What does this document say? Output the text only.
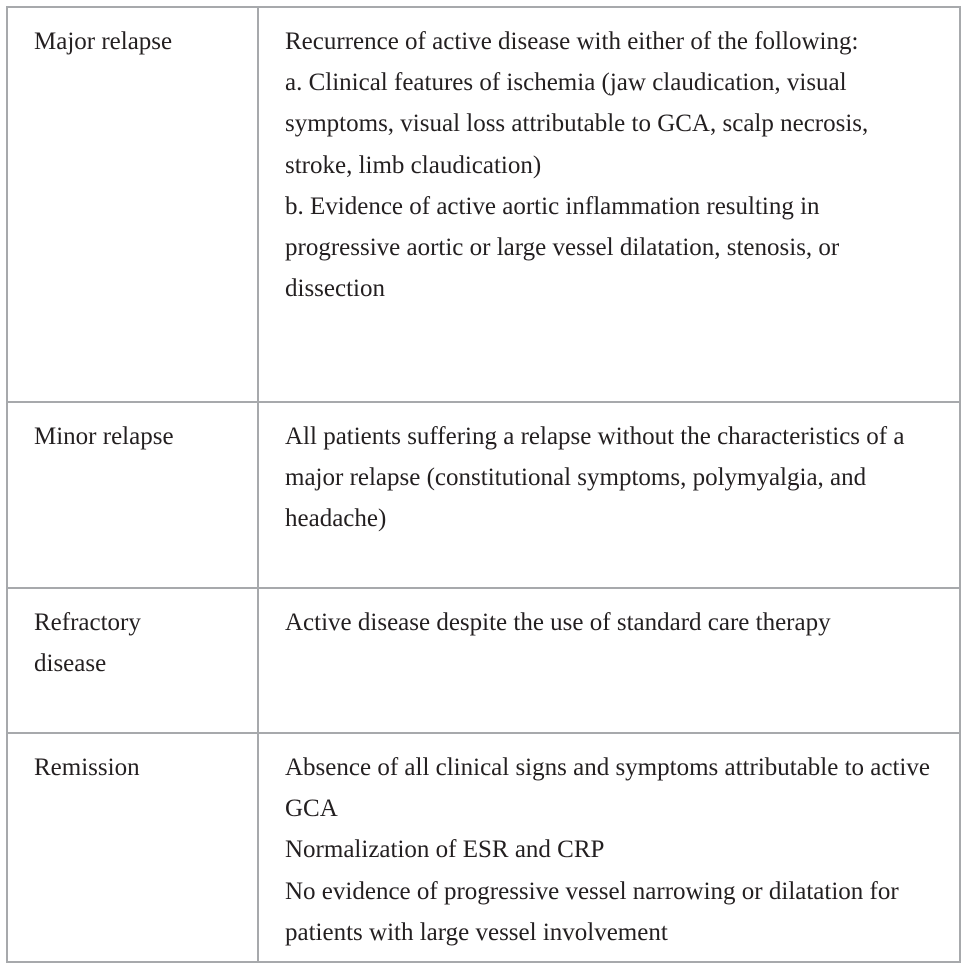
Major relapse	Recurrence of active disease with either of the following:
a. Clinical features of ischemia (jaw claudication, visual symptoms, visual loss attributable to GCA, scalp necrosis, stroke, limb claudication)
b. Evidence of active aortic inflammation resulting in progressive aortic or large vessel dilatation, stenosis, or dissection

Minor relapse	All patients suffering a relapse without the characteristics of a major relapse (constitutional symptoms, polymyalgia, and headache)

Refractory disease	Active disease despite the use of standard care therapy

Remission	Absence of all clinical signs and symptoms attributable to active GCA
Normalization of ESR and CRP
No evidence of progressive vessel narrowing or dilatation for patients with large vessel involvement
